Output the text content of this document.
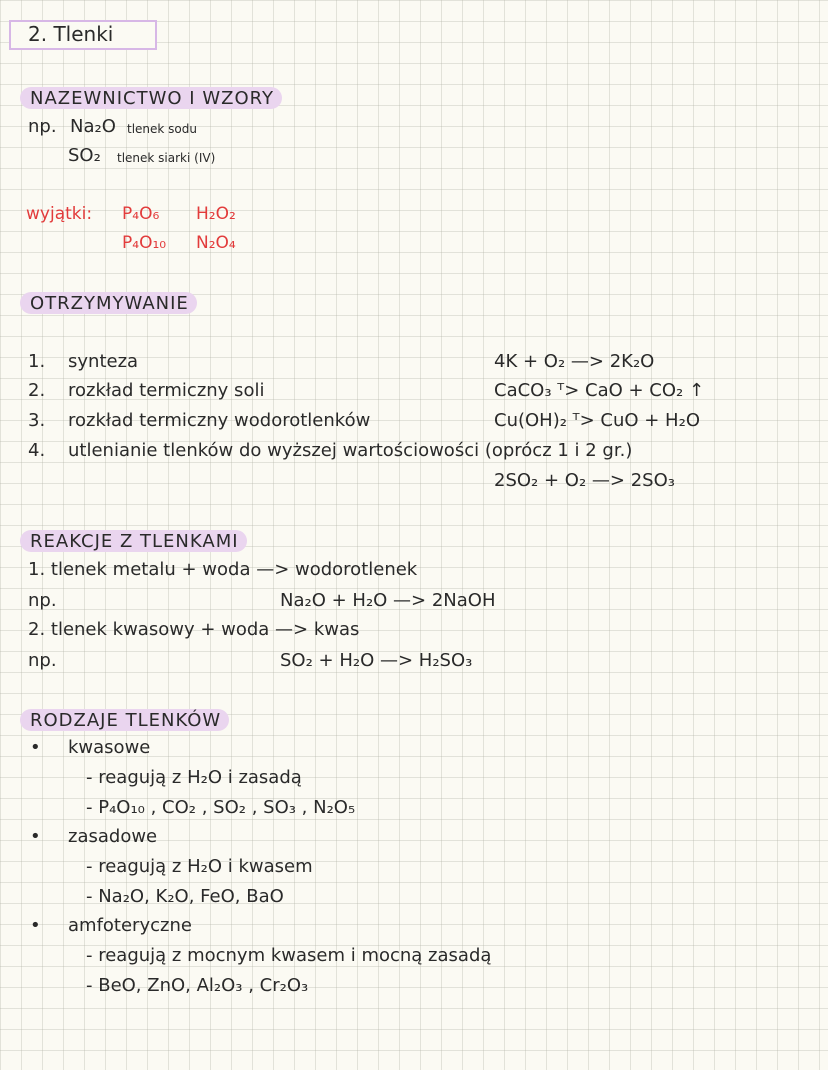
2. Tlenki
NAZEWNICTWO I WZORY
np. Na₂O tlenek sodu
SO₂ tlenek siarki (IV)
wyjątki: P₄O₆ H₂O₂
P₄O₁₀ N₂O₄
OTRZYMYWANIE
1. synteza	4K + O₂ —> 2K₂O
2. rozkład termiczny soli	CaCO₃ ᵀ> CaO + CO₂ ↑
3. rozkład termiczny wodorotlenków	Cu(OH)₂ ᵀ> CuO + H₂O
4. utlenianie tlenków do wyższej wartościowości (oprócz 1 i 2 gr.)
2SO₂ + O₂ —> 2SO₃
REAKCJE Z TLENKAMI
1. tlenek metalu + woda —> wodorotlenek
np.	Na₂O + H₂O —> 2NaOH
2. tlenek kwasowy + woda —> kwas
np.	SO₂ + H₂O —> H₂SO₃
RODZAJE TLENKÓW
• kwasowe
- reagują z H₂O i zasadą
- P₄O₁₀ , CO₂ , SO₂ , SO₃ , N₂O₅
• zasadowe
- reagują z H₂O i kwasem
- Na₂O, K₂O, FeO, BaO
• amfoteryczne
- reagują z mocnym kwasem i mocną zasadą
- BeO, ZnO, Al₂O₃ , Cr₂O₃
